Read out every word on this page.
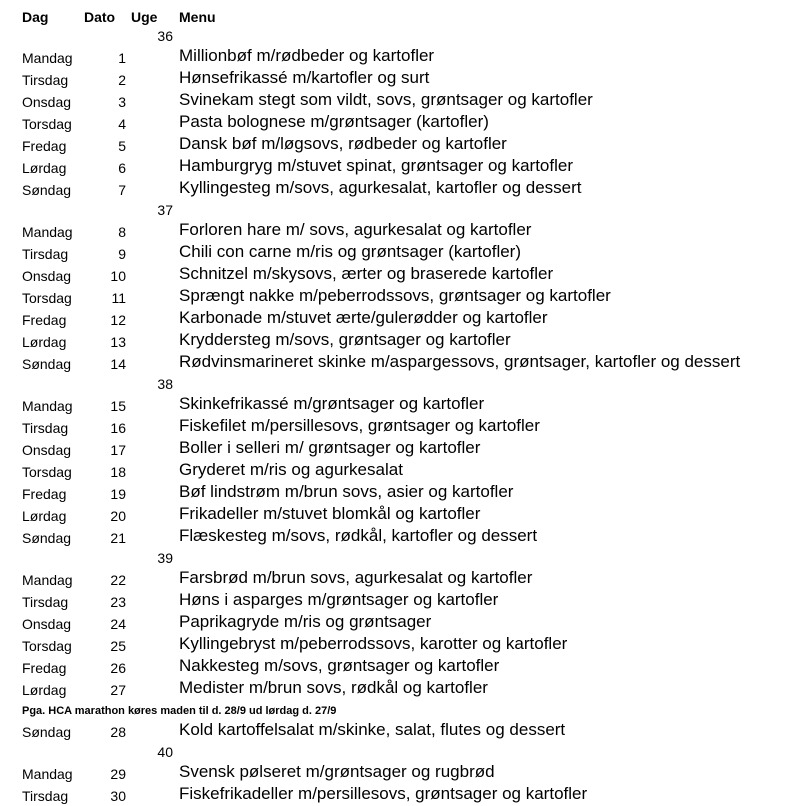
Dag	Dato Uge Menu
36
Mandag	1	Millionbøf m/rødbeder og kartofler
Tirsdag	2	Hønsefrikassé m/kartofler og surt
Onsdag	3	Svinekam stegt som vildt, sovs, grøntsager og kartofler
Torsdag	4	Pasta bolognese m/grøntsager (kartofler)
Fredag	5	Dansk bøf m/løgsovs, rødbeder og kartofler
Lørdag	6	Hamburgryg m/stuvet spinat, grøntsager og kartofler
Søndag	7	Kyllingesteg m/sovs, agurkesalat, kartofler og dessert
37
Mandag	8	Forloren hare m/ sovs, agurkesalat og kartofler
Tirsdag	9	Chili con carne m/ris og grøntsager (kartofler)
Onsdag	10	Schnitzel m/skysovs, ærter og braserede kartofler
Torsdag	11	Sprængt nakke m/peberrodssovs, grøntsager og kartofler
Fredag	12	Karbonade m/stuvet ærte/gulerødder og kartofler
Lørdag	13	Kryddersteg m/sovs, grøntsager og kartofler
Søndag	14	Rødvinsmarineret skinke m/aspargessovs, grøntsager, kartofler og dessert
38
Mandag	15	Skinkefrikassé m/grøntsager og kartofler
Tirsdag	16	Fiskefilet m/persillesovs, grøntsager og kartofler
Onsdag	17	Boller i selleri m/ grøntsager og kartofler
Torsdag	18	Gryderet m/ris og agurkesalat
Fredag	19	Bøf lindstrøm m/brun sovs, asier og kartofler
Lørdag	20	Frikadeller m/stuvet blomkål og kartofler
Søndag	21	Flæskesteg m/sovs, rødkål, kartofler og dessert
39
Mandag	22	Farsbrød m/brun sovs, agurkesalat og kartofler
Tirsdag	23	Høns i asparges m/grøntsager og kartofler
Onsdag	24	Paprikagryde m/ris og grøntsager
Torsdag	25	Kyllingebryst m/peberrodssovs, karotter og kartofler
Fredag	26	Nakkesteg m/sovs, grøntsager og kartofler
Lørdag	27	Medister m/brun sovs, rødkål og kartofler
Pga. HCA marathon køres maden til d. 28/9 ud lørdag d. 27/9
Søndag	28	Kold kartoffelsalat m/skinke, salat, flutes og dessert
40
Mandag	29	Svensk pølseret m/grøntsager og rugbrød
Tirsdag	30	Fiskefrikadeller m/persillesovs, grøntsager og kartofler
